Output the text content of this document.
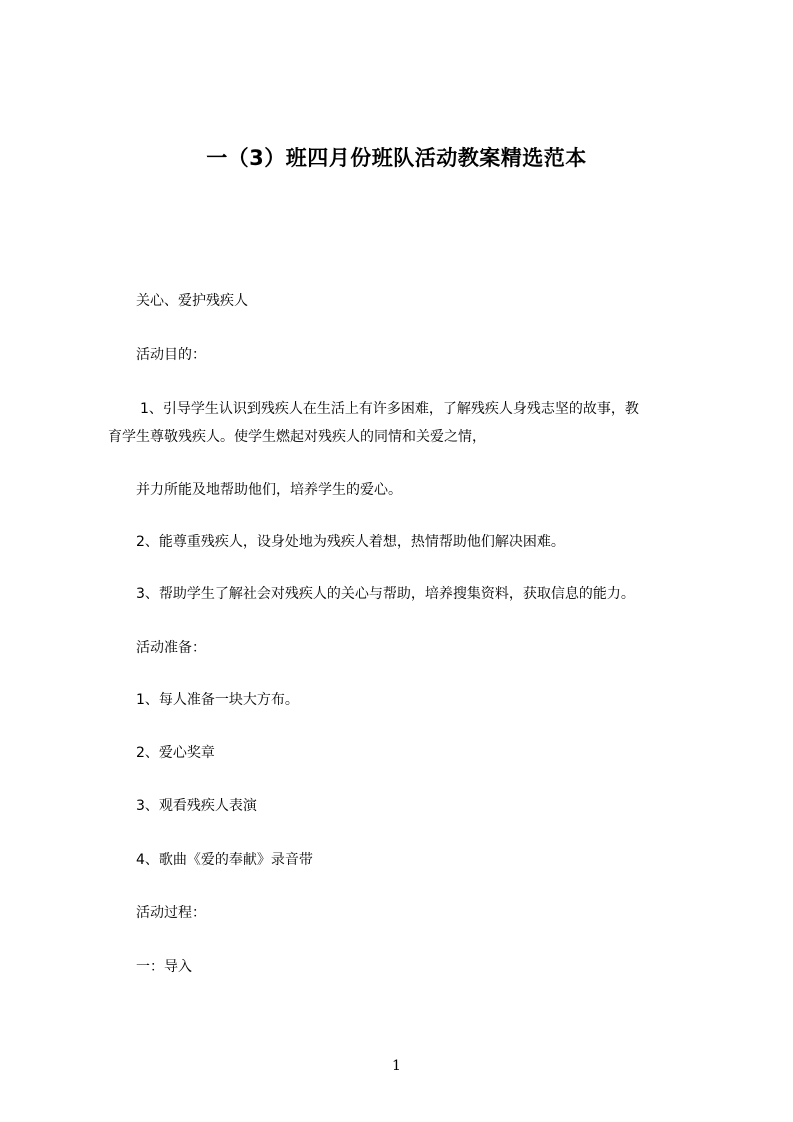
一（3）班四月份班队活动教案精选范本
关心、爱护残疾人
活动目的：
1、引导学生认识到残疾人在生活上有许多困难，了解残疾人身残志坚的故事，教
育学生尊敬残疾人。使学生燃起对残疾人的同情和关爱之情，
并力所能及地帮助他们，培养学生的爱心。
2、能尊重残疾人，设身处地为残疾人着想，热情帮助他们解决困难。
3、帮助学生了解社会对残疾人的关心与帮助，培养搜集资料，获取信息的能力。
活动准备：
1、每人准备一块大方布。
2、爱心奖章
3、观看残疾人表演
4、歌曲《爱的奉献》录音带
活动过程：
一：导入
1
